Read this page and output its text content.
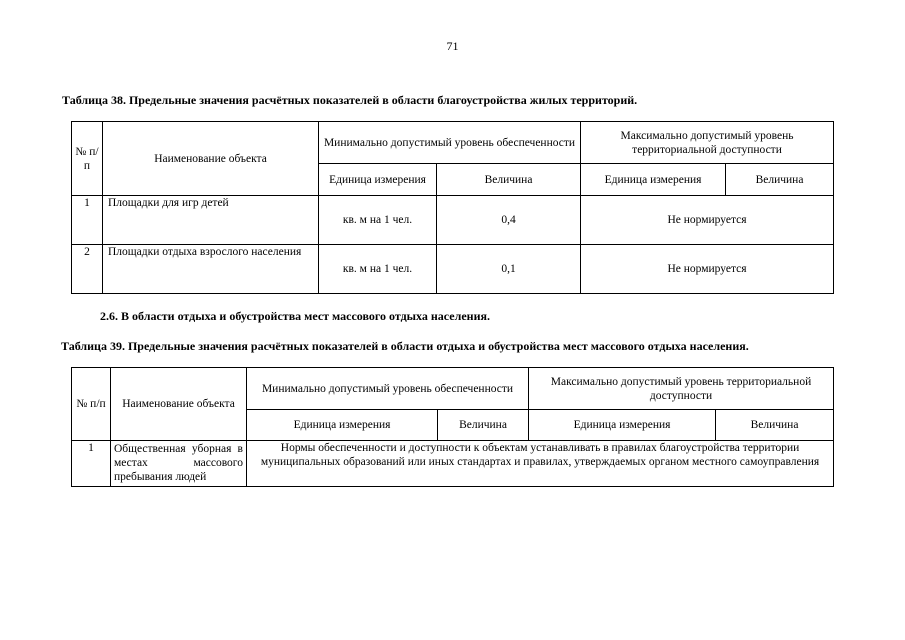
71
Таблица 38. Предельные значения расчётных показателей в области благоустройства жилых территорий.
№ п/п	Наименование объекта	Минимально допустимый уровень обеспеченности		Максимально допустимый уровень территориальной доступности	
		Единица измерения	Величина	Единица измерения	Величина
1	Площадки для игр детей	кв. м на 1 чел.	0,4	Не нормируется	
2	Площадки отдыха взрослого населения	кв. м на 1 чел.	0,1	Не нормируется	
2.6. В области отдыха и обустройства мест массового отдыха населения.
Таблица 39. Предельные значения расчётных показателей в области отдыха и обустройства мест массового отдыха населения.
№ п/п	Наименование объекта	Минимально допустимый уровень обеспеченности		Максимально допустимый уровень территориальной доступности	
		Единица измерения	Величина	Единица измерения	Величина
1	Общественная уборная в местах массового пребывания людей	Нормы обеспеченности и доступности к объектам устанавливать в правилах благоустройства территории муниципальных образований или иных стандартах и правилах, утверждаемых органом местного самоуправления			
